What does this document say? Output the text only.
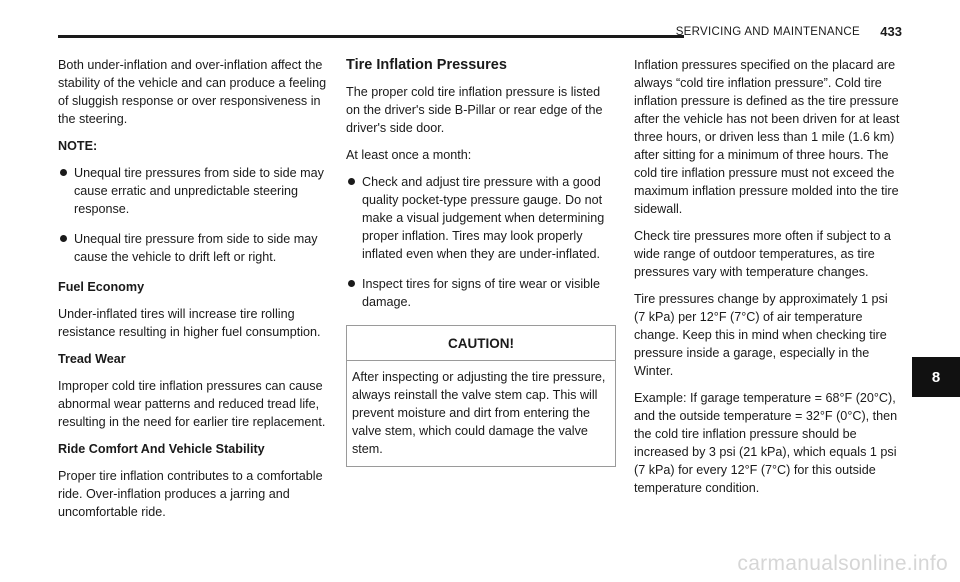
SERVICING AND MAINTENANCE 433

Both under-inflation and over-inflation affect the stability of the vehicle and can produce a feeling of sluggish response or over responsiveness in the steering.

NOTE:

Unequal tire pressures from side to side may cause erratic and unpredictable steering response.
Unequal tire pressure from side to side may cause the vehicle to drift left or right.

Fuel Economy

Under-inflated tires will increase tire rolling resistance resulting in higher fuel consumption.

Tread Wear

Improper cold tire inflation pressures can cause abnormal wear patterns and reduced tread life, resulting in the need for earlier tire replacement.

Ride Comfort And Vehicle Stability

Proper tire inflation contributes to a comfortable ride. Over-inflation produces a jarring and uncomfortable ride.

Tire Inflation Pressures

The proper cold tire inflation pressure is listed on the driver's side B-Pillar or rear edge of the driver's side door.

At least once a month:

Check and adjust tire pressure with a good quality pocket-type pressure gauge. Do not make a visual judgement when determining proper inflation. Tires may look properly inflated even when they are under-inflated.
Inspect tires for signs of tire wear or visible damage.
CAUTION!
After inspecting or adjusting the tire pressure, always reinstall the valve stem cap. This will prevent moisture and dirt from entering the valve stem, which could damage the valve stem.

Inflation pressures specified on the placard are always “cold tire inflation pressure”. Cold tire inflation pressure is defined as the tire pressure after the vehicle has not been driven for at least three hours, or driven less than 1 mile (1.6 km) after sitting for a minimum of three hours. The cold tire inflation pressure must not exceed the maximum inflation pressure molded into the tire sidewall.

Check tire pressures more often if subject to a wide range of outdoor temperatures, as tire pressures vary with temperature changes.

Tire pressures change by approximately 1 psi (7 kPa) per 12°F (7°C) of air temperature change. Keep this in mind when checking tire pressure inside a garage, especially in the Winter.

Example: If garage temperature = 68°F (20°C), and the outside temperature = 32°F (0°C), then the cold tire inflation pressure should be increased by 3 psi (21 kPa), which equals 1 psi (7 kPa) for every 12°F (7°C) for this outside temperature condition.

8
carmanualsonline.info
